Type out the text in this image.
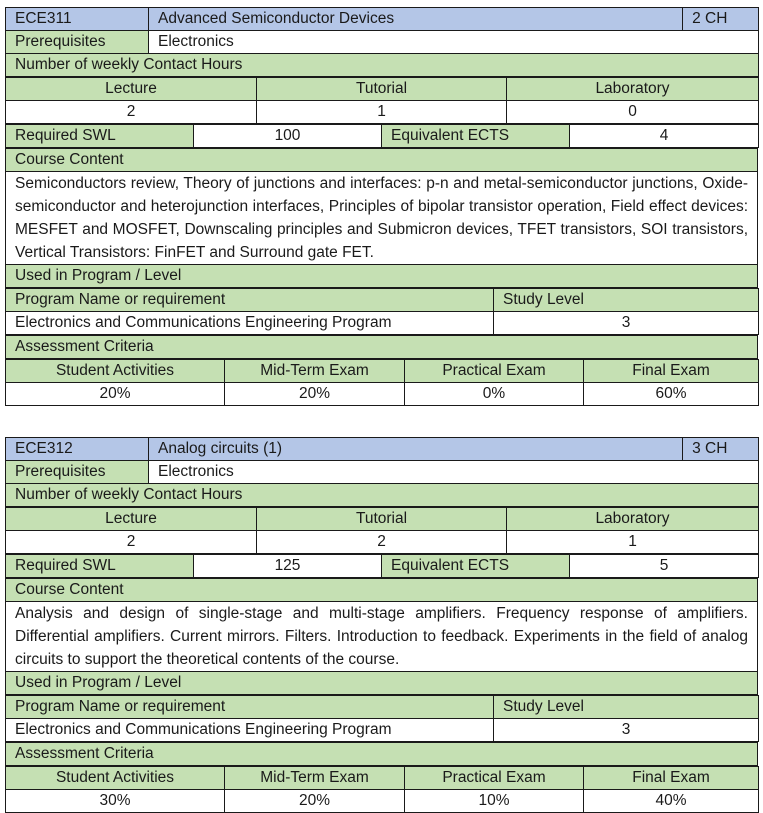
ECE311	Advanced Semiconductor Devices	2 CH
Prerequisites	Electronics	
Number of weekly Contact Hours		
Lecture	Tutorial	Laboratory
2	1	0
Required SWL	100	Equivalent ECTS	4
Course Content
Semiconductors review, Theory of junctions and interfaces: p-n and metal-semiconductor junctions, Oxide-semiconductor and heterojunction interfaces, Principles of bipolar transistor operation, Field effect devices: MESFET and MOSFET, Downscaling principles and Submicron devices, TFET transistors, SOI transistors, Vertical Transistors: FinFET and Surround gate FET.
Used in Program / Level
Program Name or requirement	Study Level
Electronics and Communications Engineering Program	3
Assessment Criteria
Student Activities	Mid-Term Exam	Practical Exam	Final Exam
20%	20%	0%	60%
ECE312	Analog circuits (1)	3 CH
Prerequisites	Electronics	
Number of weekly Contact Hours		
Lecture	Tutorial	Laboratory
2	2	1
Required SWL	125	Equivalent ECTS	5
Course Content
Analysis and design of single-stage and multi-stage amplifiers. Frequency response of amplifiers. Differential amplifiers. Current mirrors. Filters. Introduction to feedback. Experiments in the field of analog circuits to support the theoretical contents of the course.
Used in Program / Level
Program Name or requirement	Study Level
Electronics and Communications Engineering Program	3
Assessment Criteria
Student Activities	Mid-Term Exam	Practical Exam	Final Exam
30%	20%	10%	40%
